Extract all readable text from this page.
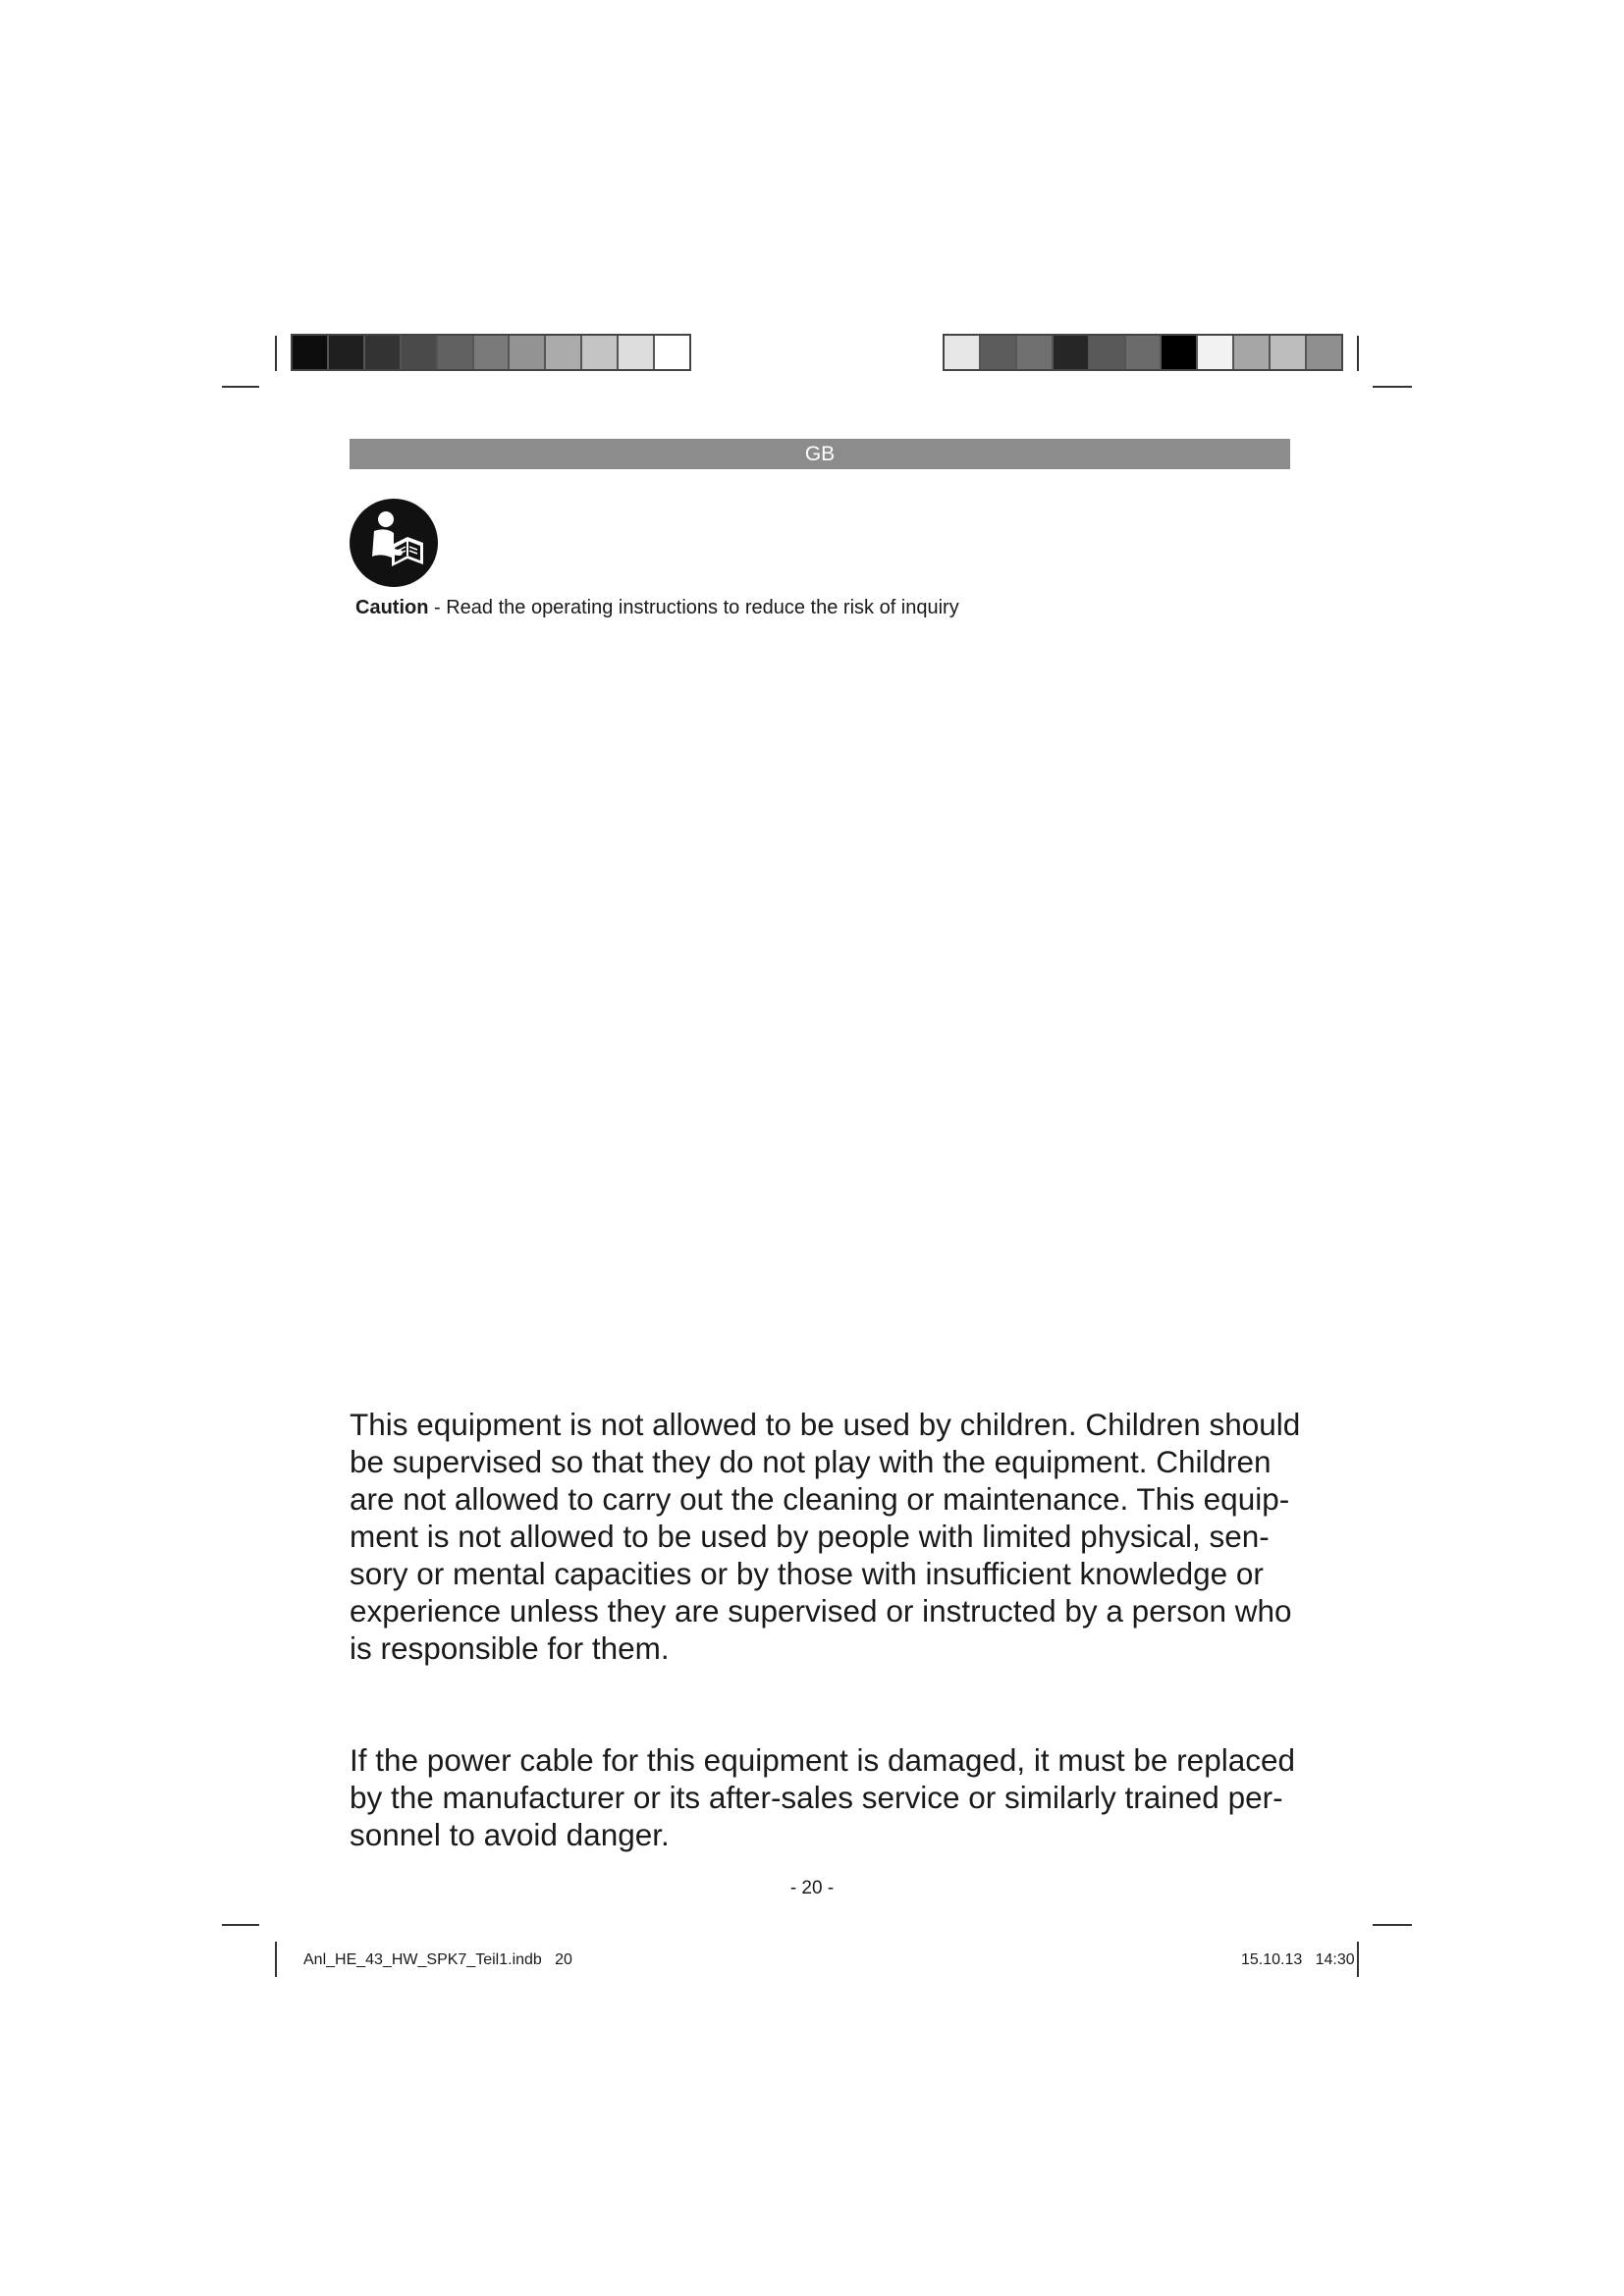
GB
Caution - Read the operating instructions to reduce the risk of inquiry

This equipment is not allowed to be used by children. Children should
be supervised so that they do not play with the equipment. Children
are not allowed to carry out the cleaning or maintenance. This equip-
ment is not allowed to be used by people with limited physical, sen-
sory or mental capacities or by those with insufficient knowledge or
experience unless they are supervised or instructed by a person who
is responsible for them.

If the power cable for this equipment is damaged, it must be replaced
by the manufacturer or its after-sales service or similarly trained per-
sonnel to avoid danger.

- 20 -
Anl_HE_43_HW_SPK7_Teil1.indb   20	15.10.13   14:30
